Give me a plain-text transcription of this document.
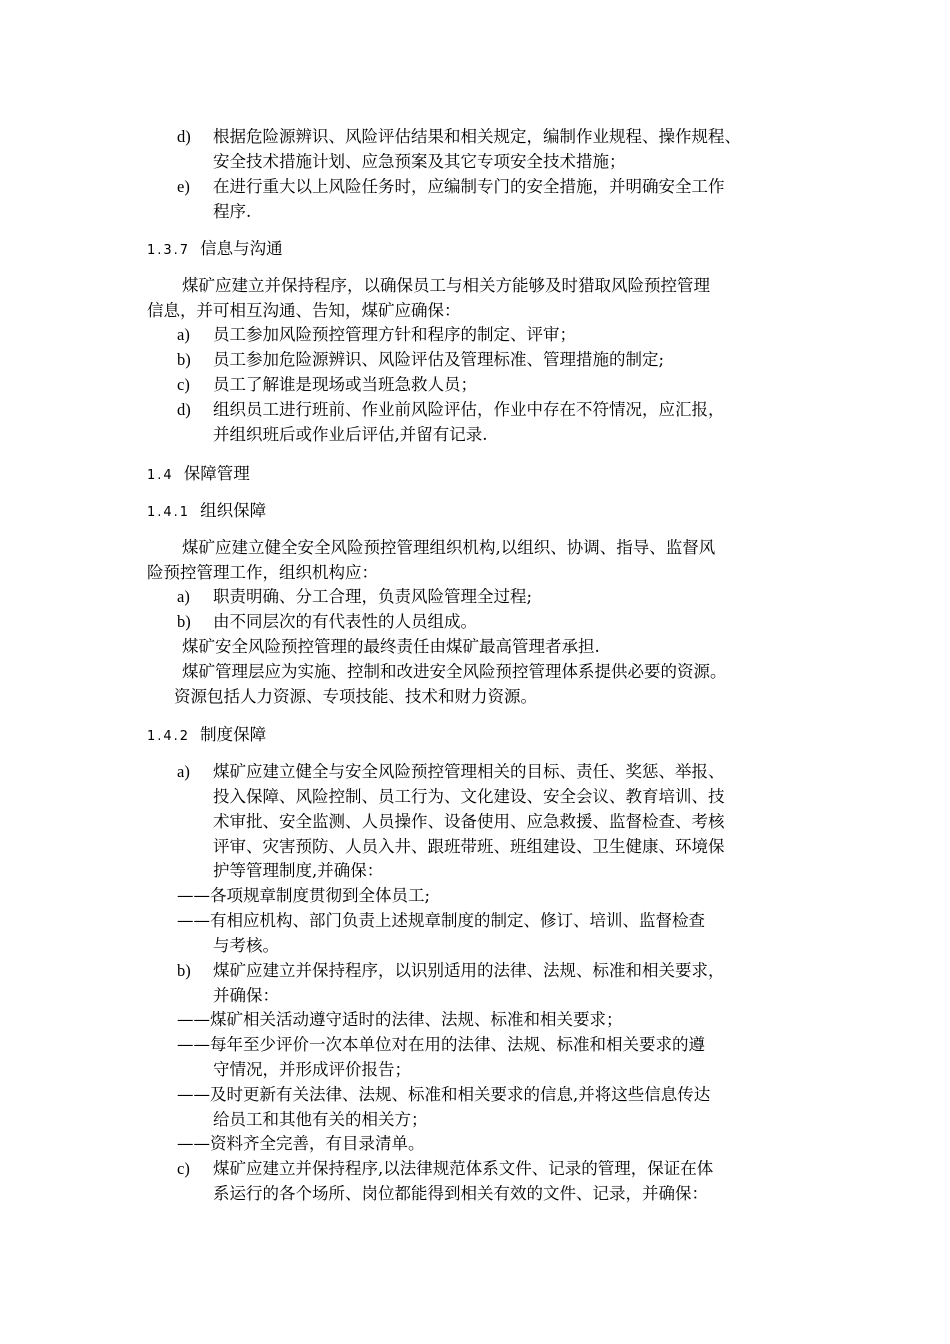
d) 根据危险源辨识、风险评估结果和相关规定，编制作业规程、操作规程、
安全技术措施计划、应急预案及其它专项安全技术措施；
e) 在进行重大以上风险任务时，应编制专门的安全措施，并明确安全工作
程序.
1.3.7 信息与沟通
煤矿应建立并保持程序，以确保员工与相关方能够及时猎取风险预控管理
信息，并可相互沟通、告知，煤矿应确保：
a) 员工参加风险预控管理方针和程序的制定、评审；
b) 员工参加危险源辨识、风险评估及管理标准、管理措施的制定;
c) 员工了解谁是现场或当班急救人员；
d) 组织员工进行班前、作业前风险评估，作业中存在不符情况，应汇报，
并组织班后或作业后评估,并留有记录.
1.4 保障管理
1.4.1 组织保障
煤矿应建立健全安全风险预控管理组织机构,以组织、协调、指导、监督风
险预控管理工作，组织机构应：
a) 职责明确、分工合理，负责风险管理全过程;
b) 由不同层次的有代表性的人员组成。
煤矿安全风险预控管理的最终责任由煤矿最高管理者承担.
煤矿管理层应为实施、控制和改进安全风险预控管理体系提供必要的资源。
资源包括人力资源、专项技能、技术和财力资源。
1.4.2 制度保障
a) 煤矿应建立健全与安全风险预控管理相关的目标、责任、奖惩、举报、
投入保障、风险控制、员工行为、文化建设、安全会议、教育培训、技
术审批、安全监测、人员操作、设备使用、应急救援、监督检查、考核
评审、灾害预防、人员入井、跟班带班、班组建设、卫生健康、环境保
护等管理制度,并确保：
——各项规章制度贯彻到全体员工;
——有相应机构、部门负责上述规章制度的制定、修订、培训、监督检查
与考核。
b) 煤矿应建立并保持程序，以识别适用的法律、法规、标准和相关要求，
并确保：
——煤矿相关活动遵守适时的法律、法规、标准和相关要求；
——每年至少评价一次本单位对在用的法律、法规、标准和相关要求的遵
守情况，并形成评价报告；
——及时更新有关法律、法规、标准和相关要求的信息,并将这些信息传达
给员工和其他有关的相关方；
——资料齐全完善，有目录清单。
c) 煤矿应建立并保持程序,以法律规范体系文件、记录的管理，保证在体
系运行的各个场所、岗位都能得到相关有效的文件、记录，并确保：
